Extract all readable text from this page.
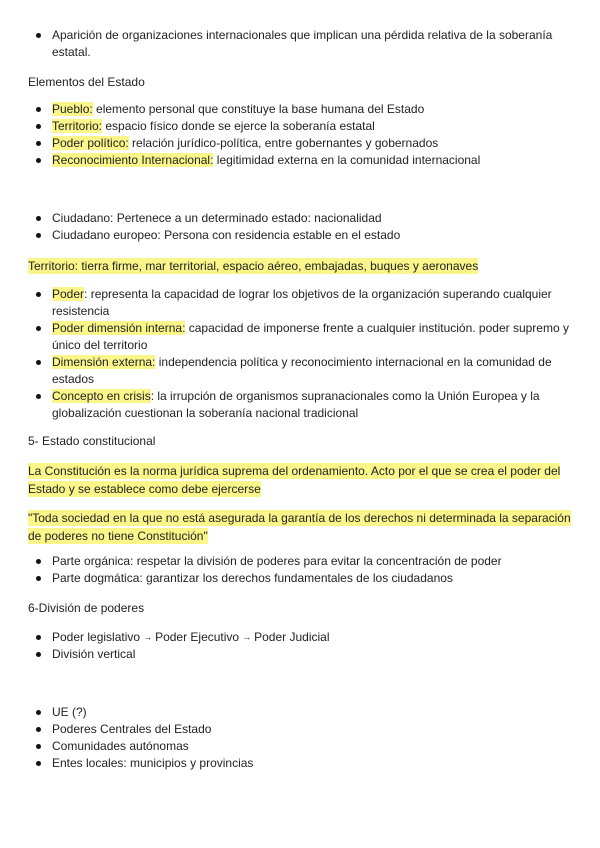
Aparición de organizaciones internacionales que implican una pérdida relativa de la soberanía estatal.
Elementos del Estado
Pueblo: elemento personal que constituye la base humana del Estado
Territorio: espacio físico donde se ejerce la soberanía estatal
Poder político: relación jurídico-política, entre gobernantes y gobernados
Reconocimiento Internacional: legitimidad externa en la comunidad internacional
Ciudadano: Pertenece a un determinado estado: nacionalidad
Ciudadano europeo: Persona con residencia estable en el estado
Territorio: tierra firme, mar territorial, espacio aéreo, embajadas, buques y aeronaves
Poder: representa la capacidad de lograr los objetivos de la organización superando cualquier resistencia
Poder dimensión interna: capacidad de imponerse frente a cualquier institución. poder supremo y único del territorio
Dimensión externa: independencia política y reconocimiento internacional en la comunidad de estados
Concepto en crisis: la irrupción de organismos supranacionales como la Unión Europea y la globalización cuestionan la soberanía nacional tradicional
5- Estado constitucional
La Constitución es la norma jurídica suprema del ordenamiento. Acto por el que se crea el poder del Estado y se establece como debe ejercerse
"Toda sociedad en la que no está asegurada la garantía de los derechos ni determinada la separación de poderes no tiene Constitución"
Parte orgánica: respetar la división de poderes para evitar la concentración de poder
Parte dogmática: garantizar los derechos fundamentales de los ciudadanos
6-División de poderes
Poder legislativo → Poder Ejecutivo → Poder Judicial
División vertical
UE (?)
Poderes Centrales del Estado
Comunidades autónomas
Entes locales: municipios y provincias
